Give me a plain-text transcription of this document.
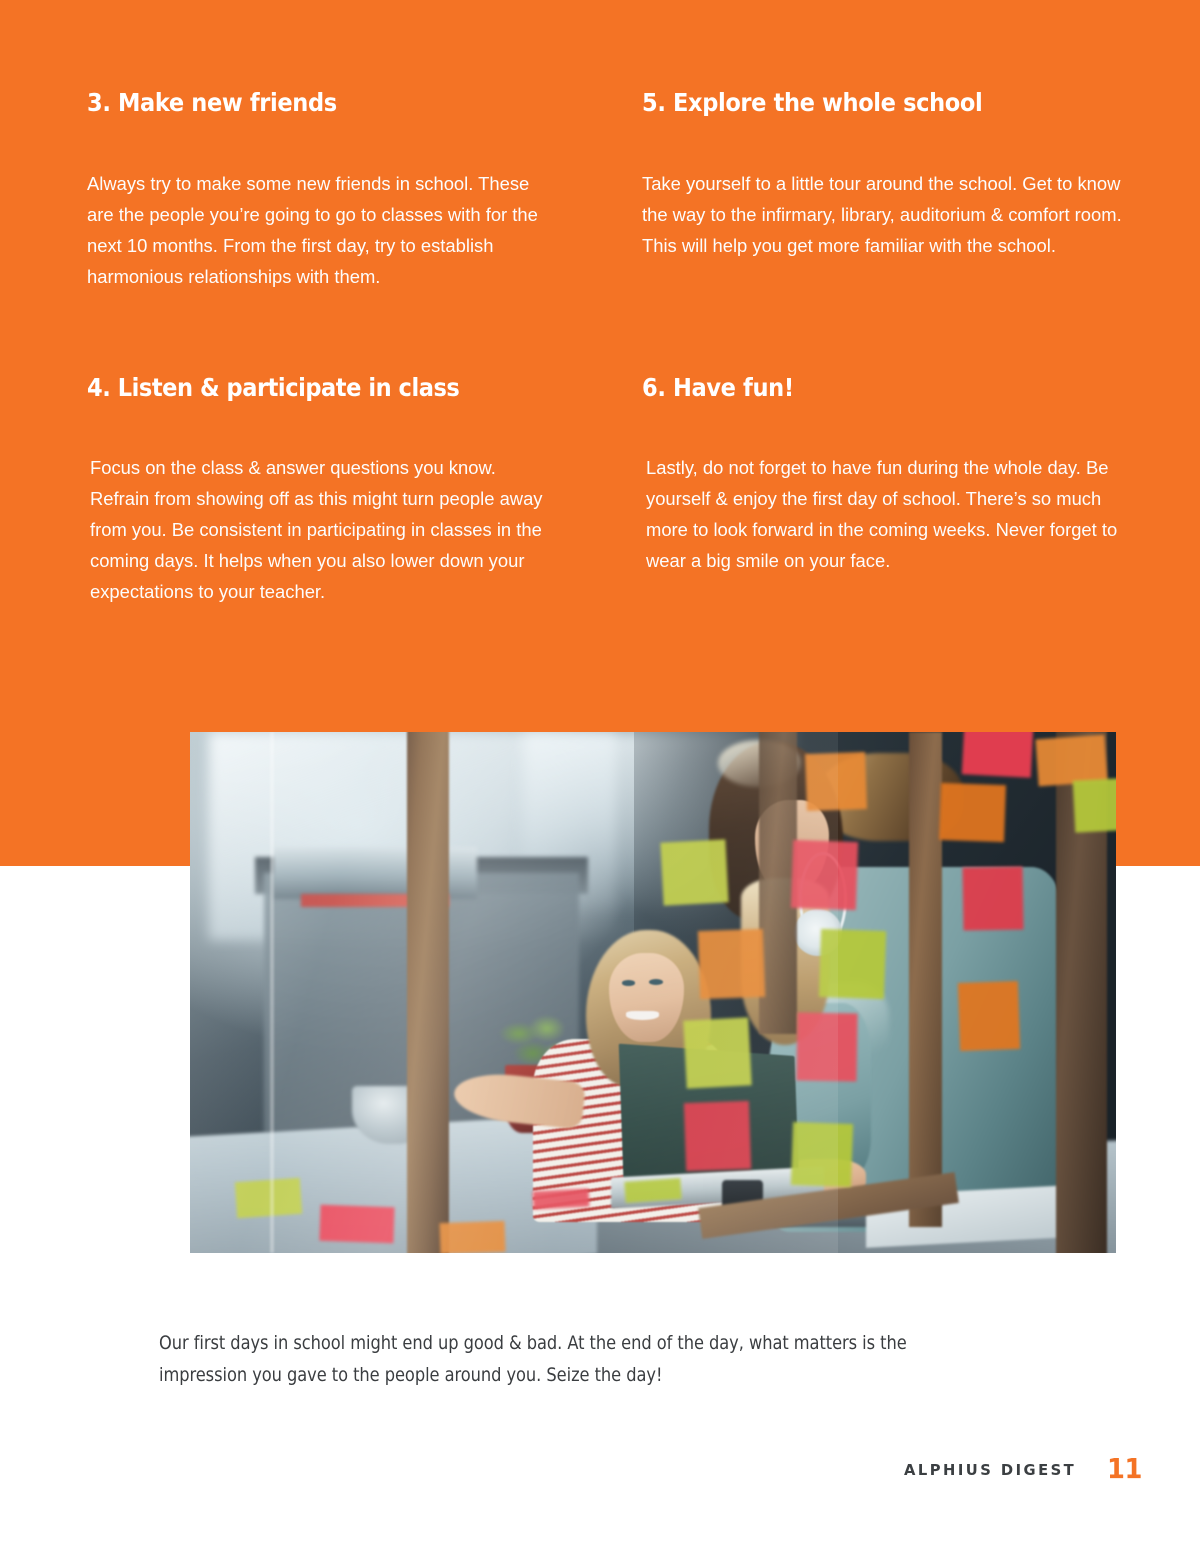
3. Make new friends

Always try to make some new friends in school. These are the people you’re going to go to classes with for the next 10 months. From the first day, try to establish harmonious relationships with them.

5. Explore the whole school

Take yourself to a little tour around the school. Get to know the way to the infirmary, library, auditorium & comfort room. This will help you get more familiar with the school.

4. Listen & participate in class

Focus on the class & answer questions you know. Refrain from showing off as this might turn people away from you. Be consistent in participating in classes in the coming days. It helps when you also lower down your expectations to your teacher.

6. Have fun!

Lastly, do not forget to have fun during the whole day. Be yourself & enjoy the first day of school. There’s so much more to look forward in the coming weeks. Never forget to wear a big smile on your face.

Our first days in school might end up good & bad. At the end of the day, what matters is the impression you gave to the people around you. Seize the day!

ALPHIUS DIGEST 11
